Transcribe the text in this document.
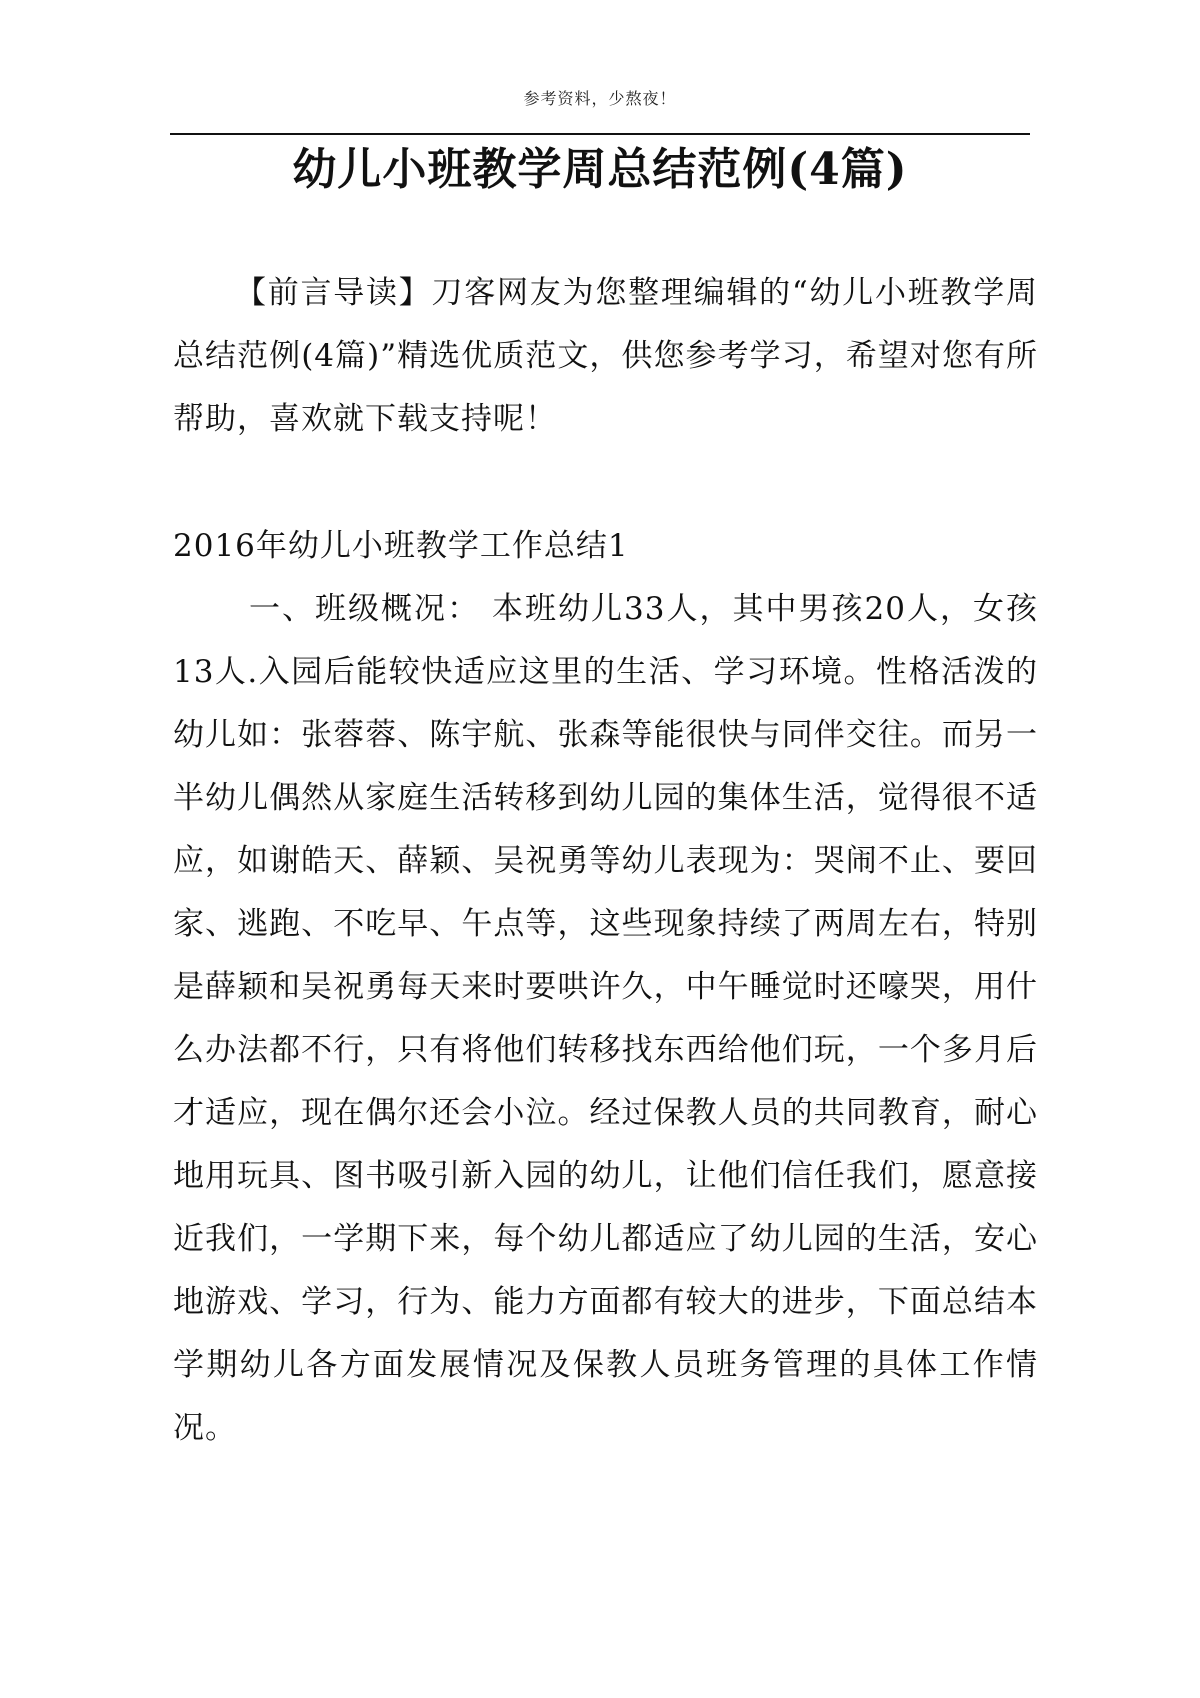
参考资料，少熬夜！
幼儿小班教学周总结范例(4篇)

【前言导读】刀客网友为您整理编辑的“幼儿小班教学周总结范例(4篇)”精选优质范文，供您参考学习，希望对您有所帮助，喜欢就下载支持呢！

2016年幼儿小班教学工作总结1

一、班级概况： 本班幼儿33人，其中男孩20人，女孩13人.入园后能较快适应这里的生活、学习环境。性格活泼的幼儿如：张蓉蓉、陈宇航、张森等能很快与同伴交往。而另一半幼儿偶然从家庭生活转移到幼儿园的集体生活，觉得很不适应，如谢皓天、薛颖、吴祝勇等幼儿表现为：哭闹不止、要回家、逃跑、不吃早、午点等，这些现象持续了两周左右，特别是薛颖和吴祝勇每天来时要哄许久，中午睡觉时还嚎哭，用什么办法都不行，只有将他们转移找东西给他们玩，一个多月后才适应，现在偶尔还会小泣。经过保教人员的共同教育，耐心地用玩具、图书吸引新入园的幼儿，让他们信任我们，愿意接近我们，一学期下来，每个幼儿都适应了幼儿园的生活，安心地游戏、学习，行为、能力方面都有较大的进步，下面总结本学期幼儿各方面发展情况及保教人员班务管理的具体工作情况。
